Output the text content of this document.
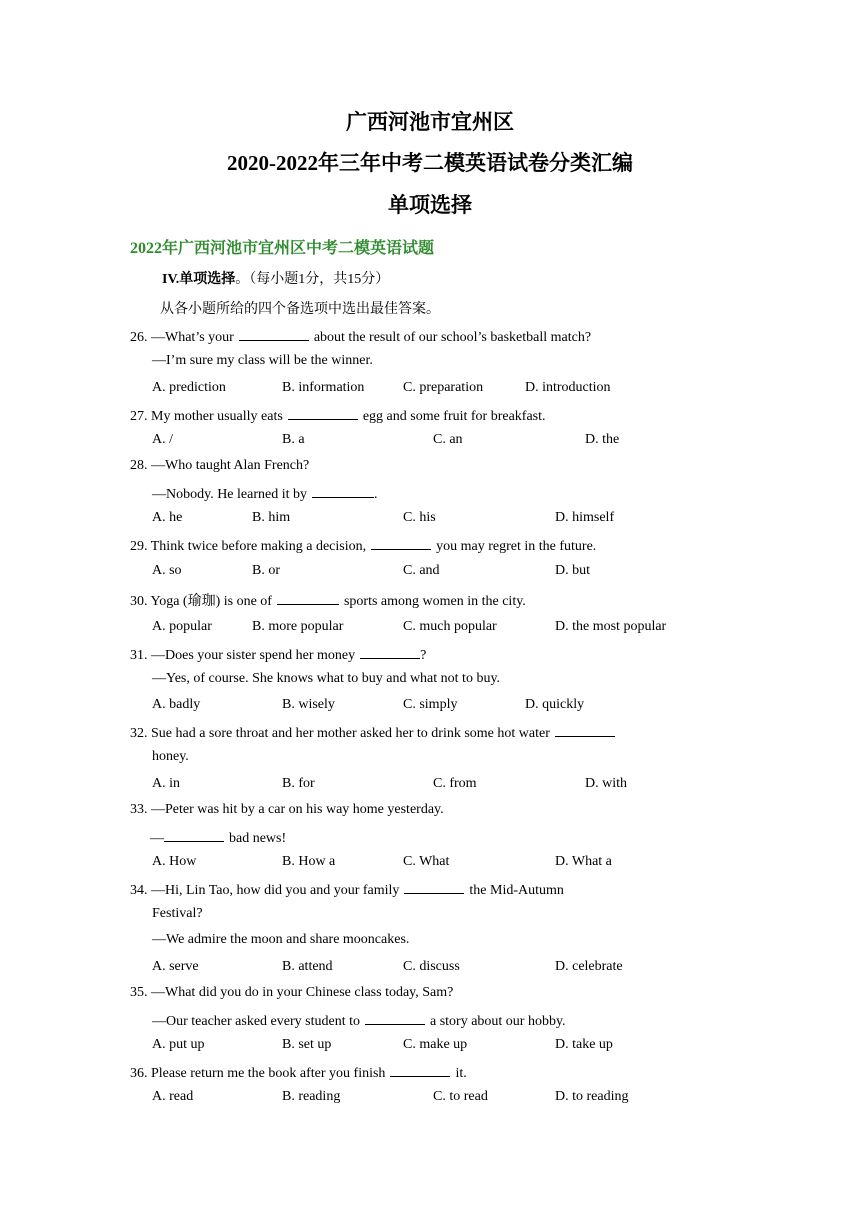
广西河池市宜州区
2020-2022年三年中考二模英语试卷分类汇编
单项选择
2022年广西河池市宜州区中考二模英语试题
IV.单项选择。（每小题1分，共15分）
从各小题所给的四个备选项中选出最佳答案。
26. —What’s your	about the result of our school’s basketball match?
—I’m sure my class will be the winner.
A. prediction	B. information	C. preparation	D. introduction
27. My mother usually eats	egg and some fruit for breakfast.
A. /	B. a	C. an	D. the
28. —Who taught Alan French?
—Nobody. He learned it by	.
A. he	B. him	C. his	D. himself
29. Think twice before making a decision,	you may regret in the future.
A. so	B. or	C. and	D. but
30. Yoga (瑜珈) is one of	sports among women in the city.
A. popular	B. more popular	C. much popular	D. the most popular
31. —Does your sister spend her money	?
—Yes, of course. She knows what to buy and what not to buy.
A. badly	B. wisely	C. simply	D. quickly
32. Sue had a sore throat and her mother asked her to drink some hot water
honey.
A. in	B. for	C. from	D. with
33. —Peter was hit by a car on his way home yesterday.
—	bad news!
A. How	B. How a	C. What	D. What a
34. —Hi, Lin Tao, how did you and your family	the Mid-Autumn
Festival?
—We admire the moon and share mooncakes.
A. serve	B. attend	C. discuss	D. celebrate
35. —What did you do in your Chinese class today, Sam?
—Our teacher asked every student to	a story about our hobby.
A. put up	B. set up	C. make up	D. take up
36. Please return me the book after you finish	it.
A. read	B. reading	C. to read	D. to reading
